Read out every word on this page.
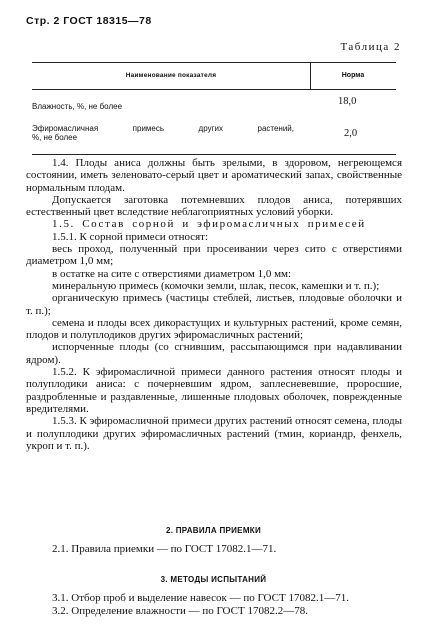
Стр. 2 ГОСТ 18315—78
Таблица 2
Наименование показателя	Норма
Влажность, %, не более	18,0
Эфиромасличная примесь других растений,
%, не более	2,0

1.4. Плоды аниса должны быть зрелыми, в здоровом, негреющемся состоянии, иметь зеленовато-серый цвет и ароматический запах, свойственные нормальным плодам.

Допускается заготовка потемневших плодов аниса, потерявших естественный цвет вследствие неблагоприятных условий уборки.

1.5. Состав сорной и эфиромасличных примесей

1.5.1. К сорной примеси относят:

весь проход, полученный при просеивании через сито с отверстиями диаметром 1,0 мм;

в остатке на сите с отверстиями диаметром 1,0 мм:

минеральную примесь (комочки земли, шлак, песок, камешки и т. п.);

органическую примесь (частицы стеблей, листьев, плодовые оболочки и т. п.);

семена и плоды всех дикорастущих и культурных растений, кроме семян, плодов и полуплодиков других эфиромасличных растений;

испорченные плоды (со сгнившим, рассыпающимся при надавливании ядром).

1.5.2. К эфиромасличной примеси данного растения относят плоды и полуплодики аниса: с почерневшим ядром, заплесневевшие, проросшие, раздробленные и раздавленные, лишенные плодовых оболочек, поврежденные вредителями.

1.5.3. К эфиромасличной примеси других растений относят семена, плоды и полуплодики других эфиромасличных растений (тмин, кориандр, фенхель, укроп и т. п.).

2. ПРАВИЛА ПРИЕМКИ
2.1. Правила приемки — по ГОСТ 17082.1—71.
3. МЕТОДЫ ИСПЫТАНИЙ
3.1. Отбор проб и выделение навесок — по ГОСТ 17082.1—71.
3.2. Определение влажности — по ГОСТ 17082.2—78.
